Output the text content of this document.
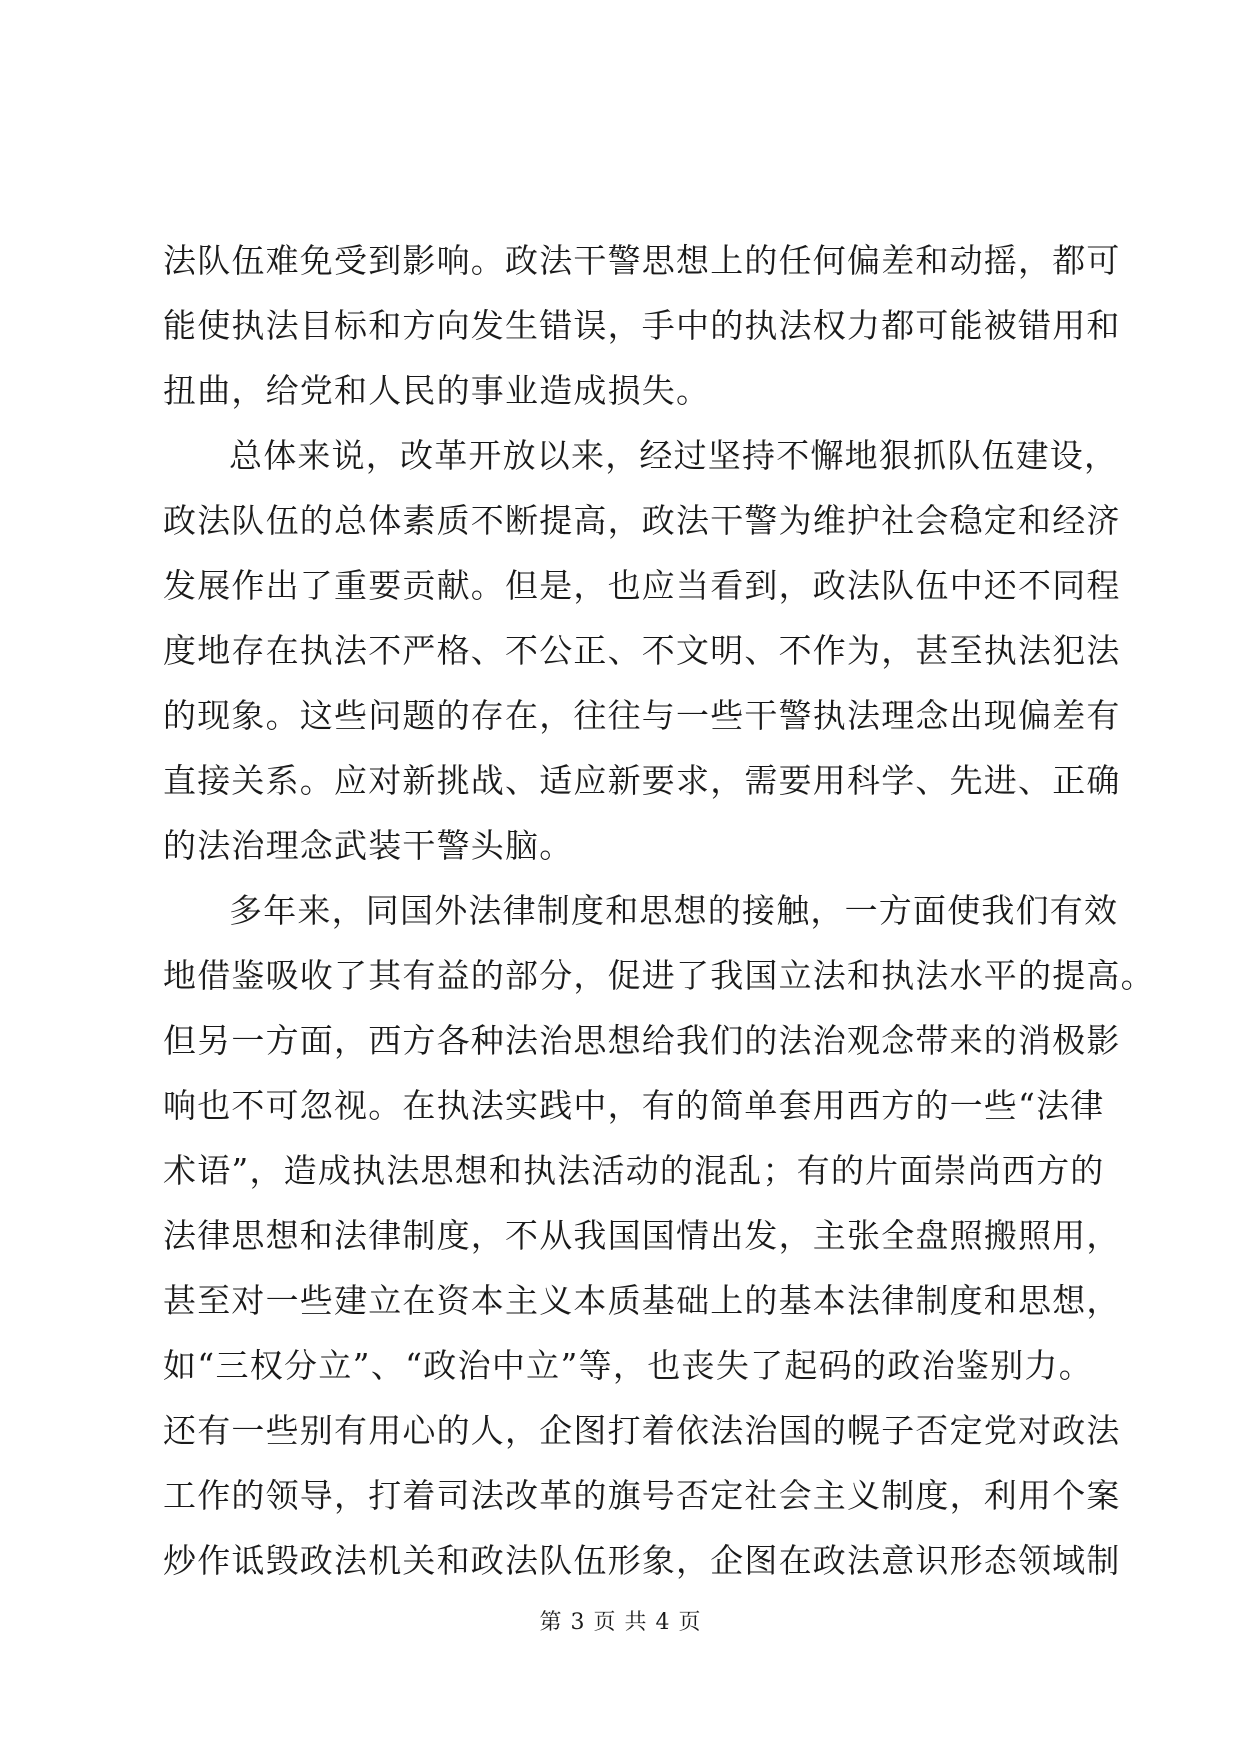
法队伍难免受到影响。政法干警思想上的任何偏差和动摇，都可
能使执法目标和方向发生错误，手中的执法权力都可能被错用和
扭曲，给党和人民的事业造成损失。
总体来说，改革开放以来，经过坚持不懈地狠抓队伍建设，
政法队伍的总体素质不断提高，政法干警为维护社会稳定和经济
发展作出了重要贡献。但是，也应当看到，政法队伍中还不同程
度地存在执法不严格、不公正、不文明、不作为，甚至执法犯法
的现象。这些问题的存在，往往与一些干警执法理念出现偏差有
直接关系。应对新挑战、适应新要求，需要用科学、先进、正确
的法治理念武装干警头脑。
多年来，同国外法律制度和思想的接触，一方面使我们有效
地借鉴吸收了其有益的部分，促进了我国立法和执法水平的提高。
但另一方面，西方各种法治思想给我们的法治观念带来的消极影
响也不可忽视。在执法实践中，有的简单套用西方的一些“法律
术语”，造成执法思想和执法活动的混乱；有的片面崇尚西方的
法律思想和法律制度，不从我国国情出发，主张全盘照搬照用，
甚至对一些建立在资本主义本质基础上的基本法律制度和思想，
如“三权分立”、“政治中立”等，也丧失了起码的政治鉴别力。
还有一些别有用心的人，企图打着依法治国的幌子否定党对政法
工作的领导，打着司法改革的旗号否定社会主义制度，利用个案
炒作诋毁政法机关和政法队伍形象，企图在政法意识形态领域制
第 3 页 共 4 页
